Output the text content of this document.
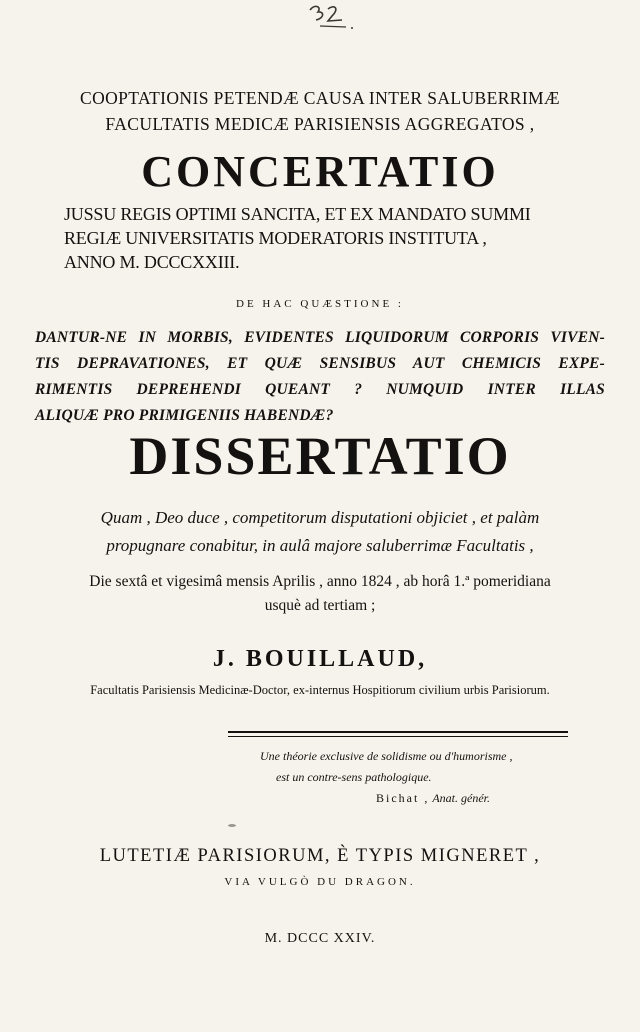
COOPTATIONIS PETENDÆ CAUSA INTER SALUBERRIMÆ
FACULTATIS MEDICÆ PARISIENSIS AGGREGATOS ,
CONCERTATIO
JUSSU REGIS OPTIMI SANCITA, ET EX MANDATO SUMMI
REGIÆ UNIVERSITATIS MODERATORIS INSTITUTA ,
ANNO M. DCCCXXIII.
DE HAC QUÆSTIONE :
DANTUR-NE IN MORBIS, EVIDENTES LIQUIDORUM CORPORIS VIVEN-
TIS DEPRAVATIONES, ET QUÆ SENSIBUS AUT CHEMICIS EXPE-
RIMENTIS DEPREHENDI QUEANT ? NUMQUID INTER ILLAS
ALIQUÆ PRO PRIMIGENIIS HABENDÆ?
DISSERTATIO
Quam , Deo duce , competitorum disputationi objiciet , et palàm
propugnare conabitur, in aulâ majore saluberrimæ Facultatis ,
Die sextâ et vigesimâ mensis Aprilis , anno 1824 , ab horâ 1.ª pomeridiana
usquè ad tertiam ;
J. BOUILLAUD,
Facultatis Parisiensis Medicinæ-Doctor, ex-internus Hospitiorum civilium urbis Parisiorum.
Une théorie exclusive de solidisme ou d'humorisme ,
est un contre-sens pathologique.
Bichat , Anat. génér.
LUTETIÆ PARISIORUM, È TYPIS MIGNERET ,
VIA VULGÒ DU DRAGON.
M. DCCC XXIV.
